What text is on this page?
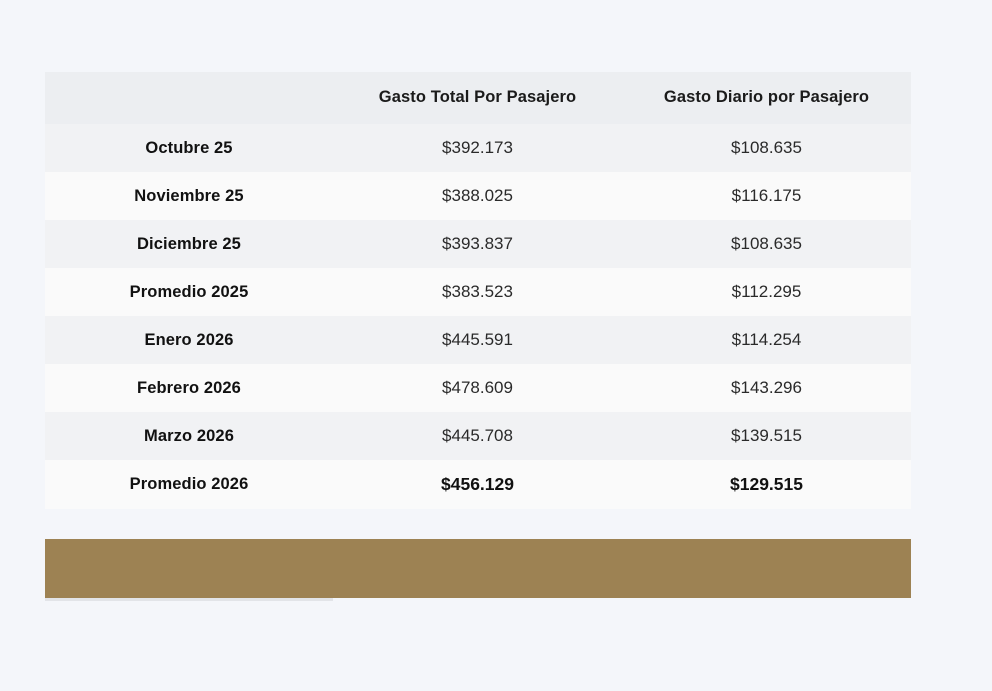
	Gasto Total Por Pasajero	Gasto Diario por Pasajero
Octubre 25	$392.173	$108.635
Noviembre 25	$388.025	$116.175
Diciembre 25	$393.837	$108.635
Promedio 2025	$383.523	$112.295
Enero 2026	$445.591	$114.254
Febrero 2026	$478.609	$143.296
Marzo 2026	$445.708	$139.515
Promedio 2026	$456.129	$129.515
